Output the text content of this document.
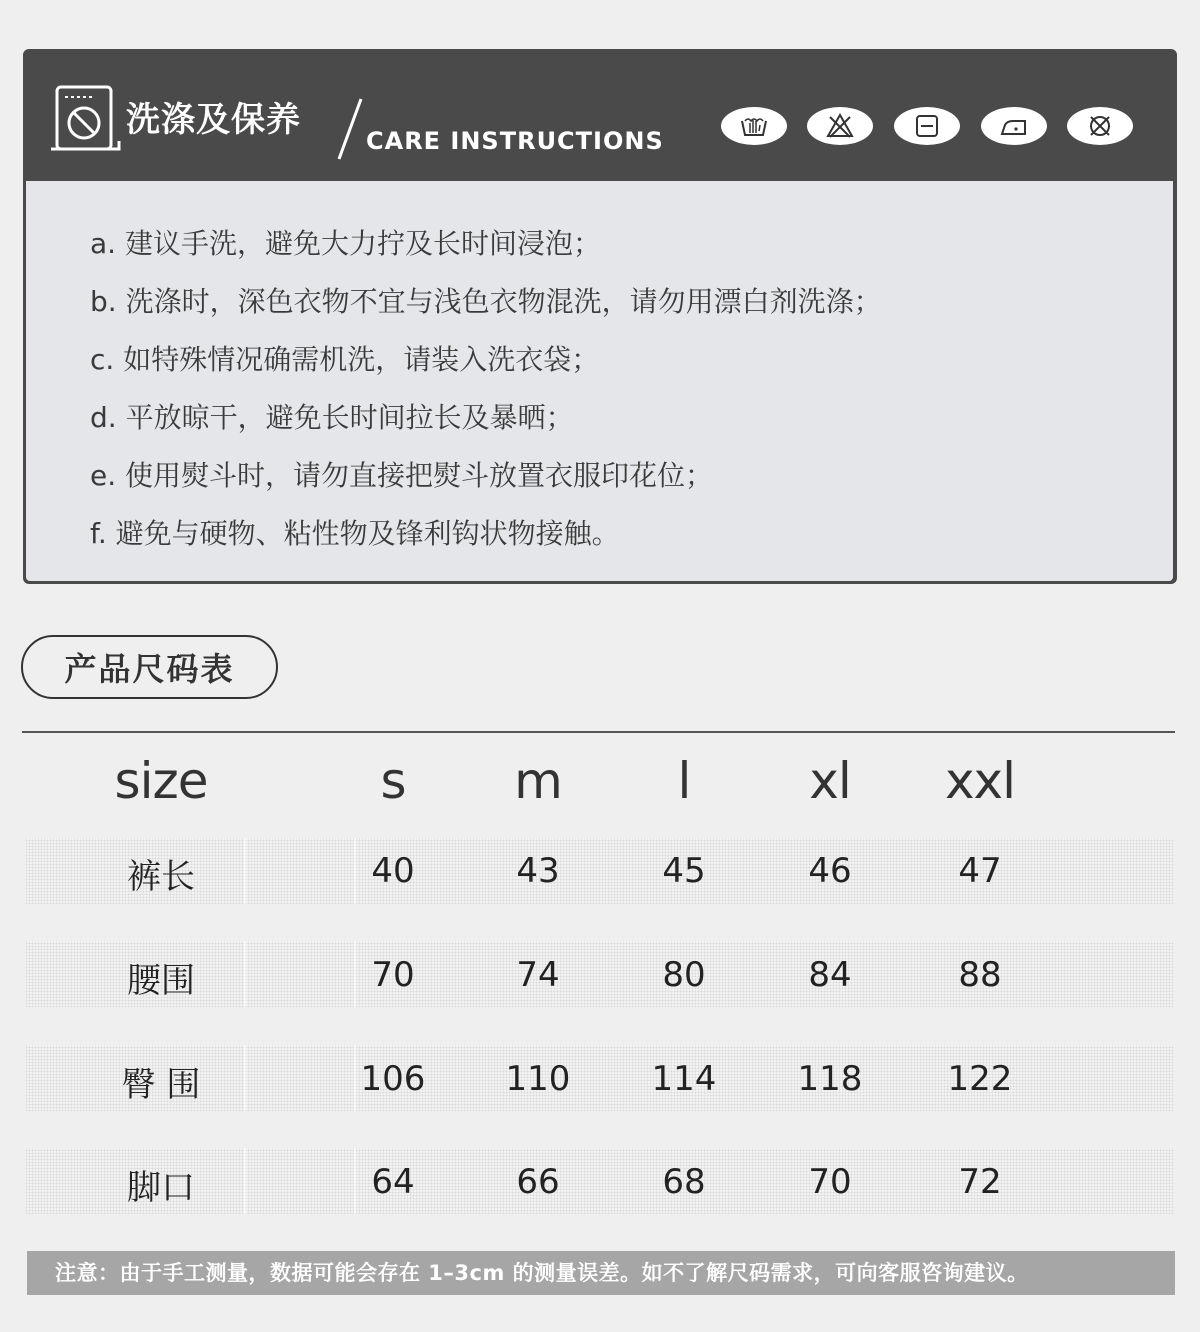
洗涤及保养
CARE INSTRUCTIONS
a. 建议手洗，避免大力拧及长时间浸泡；
b. 洗涤时，深色衣物不宜与浅色衣物混洗，请勿用漂白剂洗涤；
c. 如特殊情况确需机洗，请装入洗衣袋；
d. 平放晾干，避免长时间拉长及暴晒；
e. 使用熨斗时，请勿直接把熨斗放置衣服印花位；
f. 避免与硬物、粘性物及锋利钩状物接触。
产品尺码表
size	s m l xl xxl
裤长	40	43	45	46	47
腰围	70	74	80	84	88
臀 围	106 110 114 118	122
脚口	64	66	68	70	72
注意：由于手工测量，数据可能会存在 1–3cm 的测量误差。如不了解尺码需求，可向客服咨询建议。
